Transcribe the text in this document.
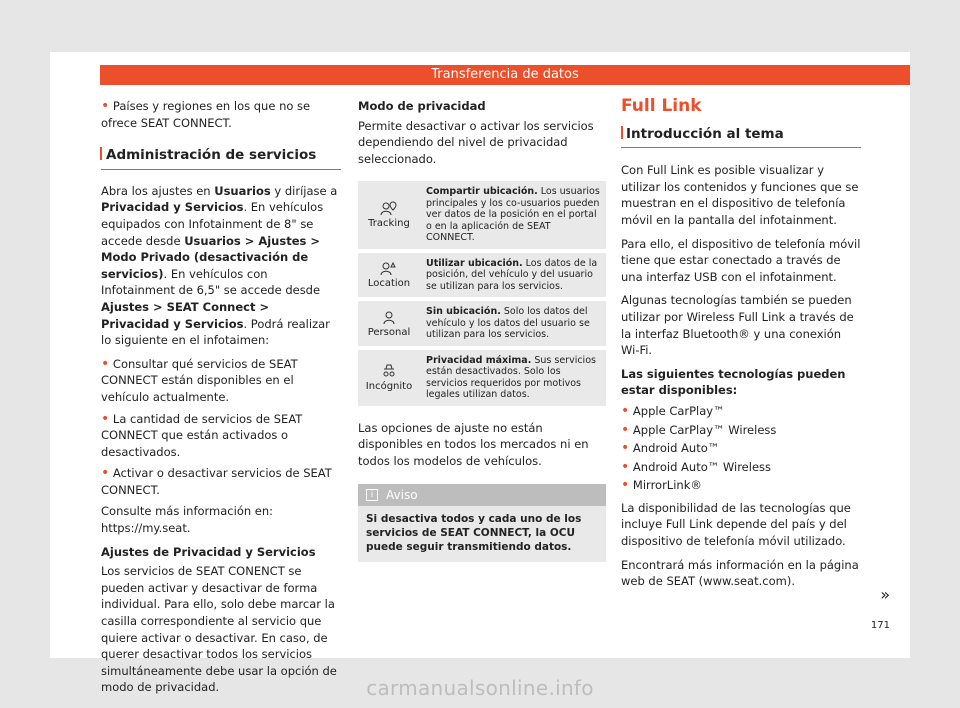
Transferencia de datos

• Países y regiones en los que no se ofrece SEAT CONNECT.

Administración de servicios

Abra los ajustes en Usuarios y diríjase a Privacidad y Servicios. En vehículos equipados con Infotainment de 8" se accede desde Usuarios > Ajustes > Modo Privado (desactivación de servicios). En vehículos con Infotainment de 6,5" se accede desde Ajustes > SEAT Connect > Privacidad y Servicios. Podrá realizar lo siguiente en el infotaimen:

• Consultar qué servicios de SEAT CONNECT están disponibles en el vehículo actualmente.

• La cantidad de servicios de SEAT CONNECT que están activados o desactivados.

• Activar o desactivar servicios de SEAT CONNECT.

Consulte más información en: https://my.seat.

Ajustes de Privacidad y Servicios

Los servicios de SEAT CONENCT se pueden activar y desactivar de forma individual. Para ello, solo debe marcar la casilla correspondiente al servicio que quiere activar o desactivar. En caso, de querer desactivar todos los servicios simultáneamente debe usar la opción de modo de privacidad.

Modo de privacidad

Permite desactivar o activar los servicios dependiendo del nivel de privacidad seleccionado.

Tracking	Compartir ubicación. Los usuarios principales y los co-usuarios pueden ver datos de la posición en el portal o en la aplicación de SEAT CONNECT.

Location	Utilizar ubicación. Los datos de la posición, del vehículo y del usuario se utilizan para los servicios.

Personal	Sin ubicación. Solo los datos del vehículo y los datos del usuario se utilizan para los servicios.

Incógnito	Privacidad máxima. Sus servicios están desactivados. Solo los servicios requeridos por motivos legales utilizan datos.

Las opciones de ajuste no están disponibles en todos los mercados ni en todos los modelos de vehículos.

i	Aviso
Si desactiva todos y cada uno de los servicios de SEAT CONNECT, la OCU puede seguir transmitiendo datos.
Full Link
Introducción al tema

Con Full Link es posible visualizar y utilizar los contenidos y funciones que se muestran en el dispositivo de telefonía móvil en la pantalla del infotainment.

Para ello, el dispositivo de telefonía móvil tiene que estar conectado a través de una interfaz USB con el infotainment.

Algunas tecnologías también se pueden utilizar por Wireless Full Link a través de la interfaz Bluetooth® y una conexión Wi-Fi.

Las siguientes tecnologías pueden estar disponibles:

• Apple CarPlay™

• Apple CarPlay™ Wireless

• Android Auto™

• Android Auto™ Wireless

• MirrorLink®

La disponibilidad de las tecnologías que incluye Full Link depende del país y del dispositivo de telefonía móvil utilizado.

Encontrará más información en la página web de SEAT (www.seat.com).

»
171
carmanualsonline.info
